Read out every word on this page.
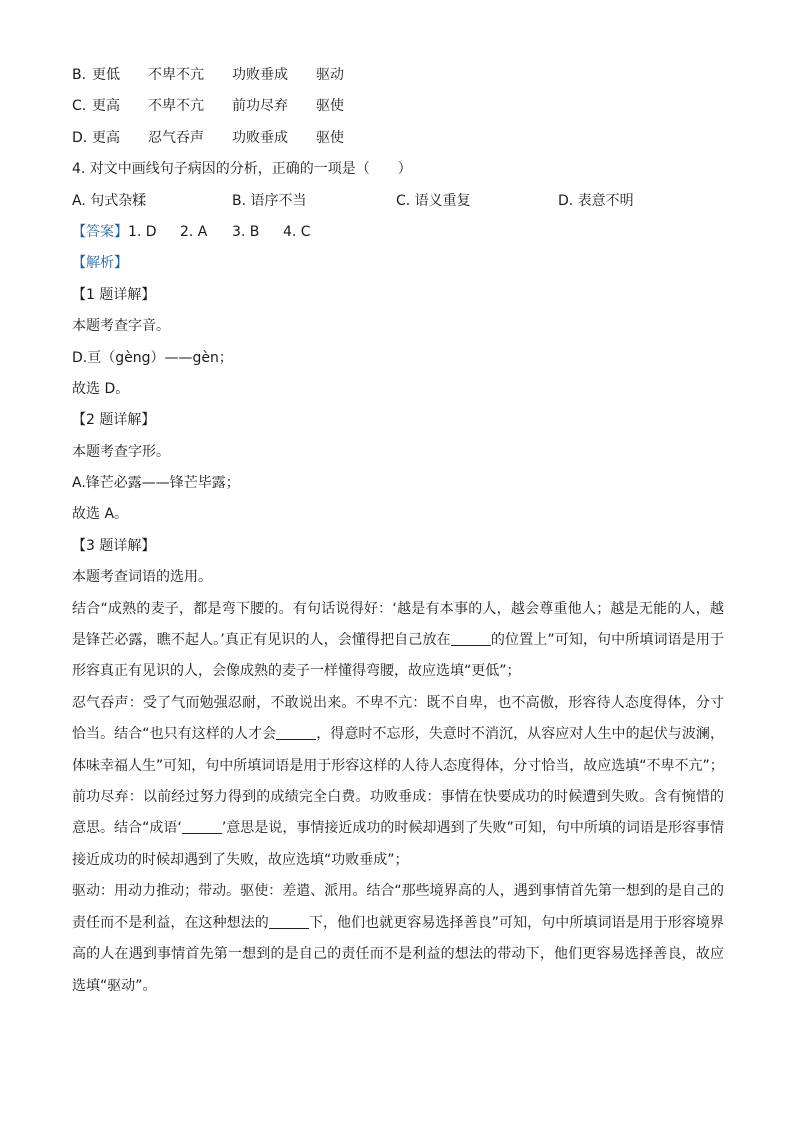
B. 更低 不卑不亢 功败垂成 驱动
C. 更高 不卑不亢 前功尽弃 驱使
D. 更高 忍气吞声 功败垂成 驱使
4. 对文中画线句子病因的分析，正确的一项是（　　）
A. 句式杂糅	B. 语序不当	C. 语义重复	D. 表意不明
【答案】 1. D 2. A 3. B 4. C
【解析】
【1 题详解】
本题考查字音。
D.亘（gèng）——gèn；
故选 D。
【2 题详解】
本题考查字形。
A.锋芒必露——锋芒毕露；
故选 A。
【3 题详解】
本题考查词语的选用。
结合“成熟的麦子，都是弯下腰的。有句话说得好：‘越是有本事的人，越会尊重他人；越是无能的人，越是锋芒必露，瞧不起人。’真正有见识的人，会懂得把自己放在	的位置上”可知，句中所填词语是用于形容真正有见识的人，会像成熟的麦子一样懂得弯腰，故应选填“更低”；
忍气吞声：受了气而勉强忍耐，不敢说出来。不卑不亢：既不自卑，也不高傲，形容待人态度得体，分寸恰当。结合“也只有这样的人才会	，得意时不忘形，失意时不消沉，从容应对人生中的起伏与波澜，体味幸福人生”可知，句中所填词语是用于形容这样的人待人态度得体，分寸恰当，故应选填“不卑不亢”；
前功尽弃：以前经过努力得到的成绩完全白费。功败垂成：事情在快要成功的时候遭到失败。含有惋惜的意思。结合“成语‘	’意思是说，事情接近成功的时候却遇到了失败”可知，句中所填的词语是形容事情接近成功的时候却遇到了失败，故应选填“功败垂成”；
驱动：用动力推动；带动。驱使：差遣、派用。结合“那些境界高的人，遇到事情首先第一想到的是自己的责任而不是利益，在这种想法的	下，他们也就更容易选择善良”可知，句中所填词语是用于形容境界高的人在遇到事情首先第一想到的是自己的责任而不是利益的想法的带动下，他们更容易选择善良，故应选填“驱动”。
